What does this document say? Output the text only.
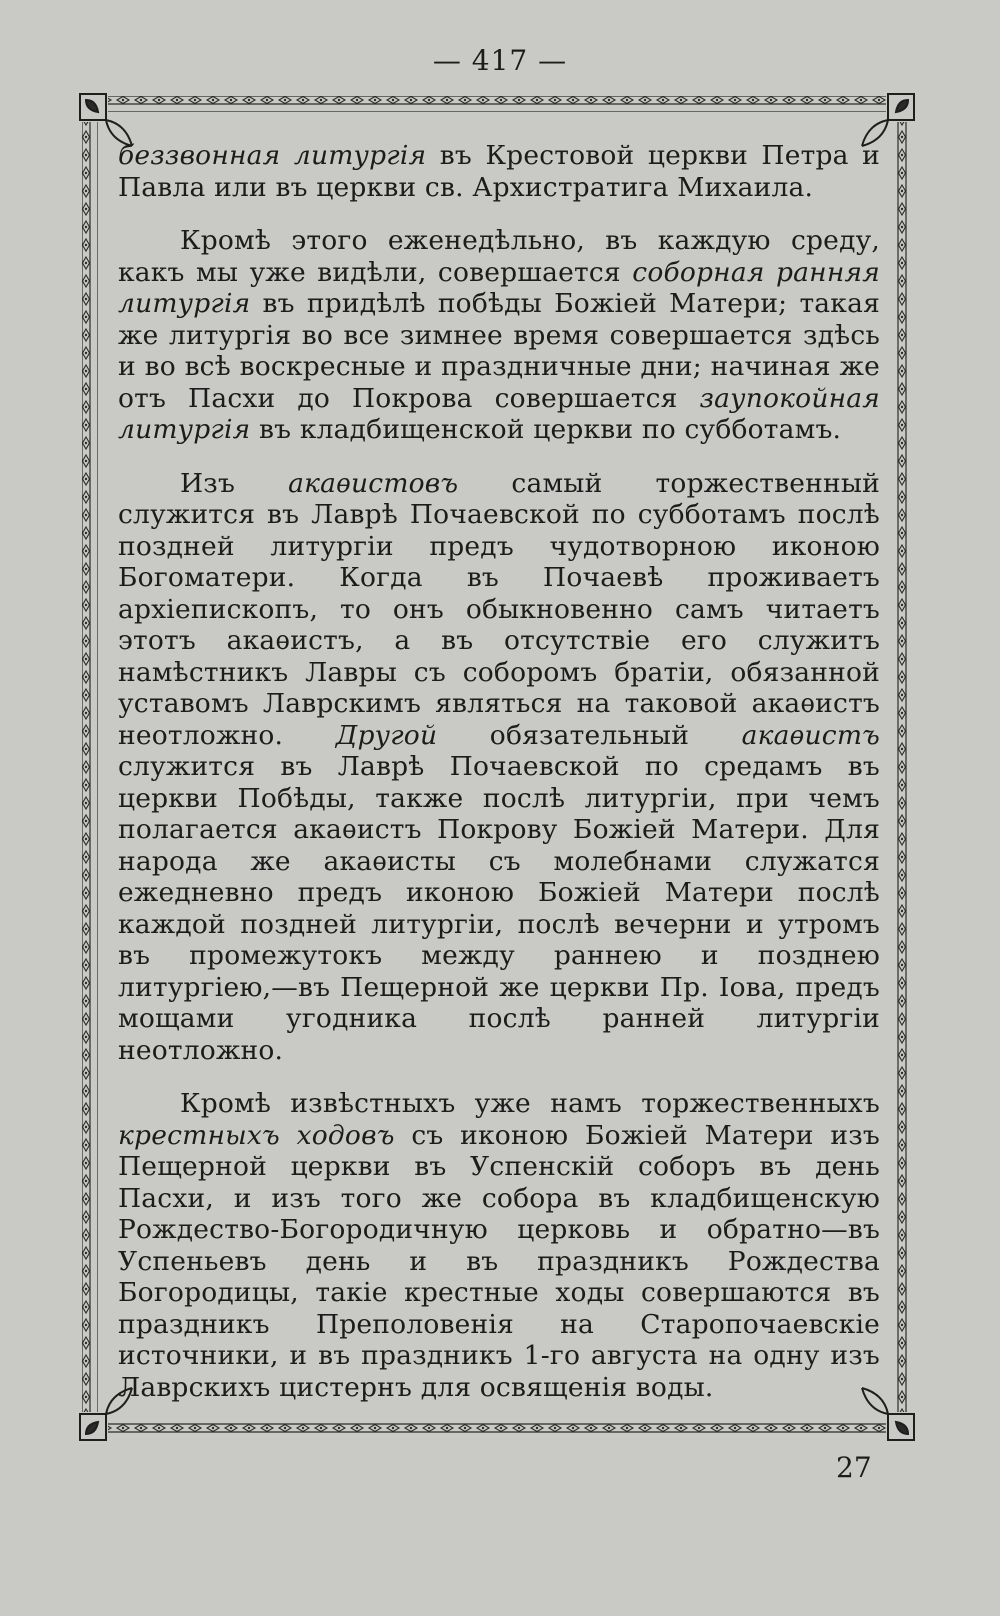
— 417 —

беззвонная литургія въ Крестовой церкви Петра и Павла или въ церкви св. Архистратига Михаила.

Кромѣ этого еженедѣльно, въ каждую среду, какъ мы уже видѣли, совершается соборная ранняя литургія въ придѣлѣ побѣды Божіей Матери; такая же литургія во все зимнее время совершается здѣсь и во всѣ воскресные и праздничные дни; начиная же отъ Пасхи до Покрова совершается заупокойная литургія въ кладбищенской церкви по субботамъ.

Изъ акаѳистовъ самый торжественный служится въ Лаврѣ Почаевской по субботамъ послѣ поздней литургіи предъ чудотворною иконою Богоматери. Когда въ Почаевѣ проживаетъ архіепископъ, то онъ обыкновенно самъ читаетъ этотъ акаѳистъ, а въ отсутствіе его служитъ намѣстникъ Лавры съ соборомъ братіи, обязанной уставомъ Лаврскимъ являться на таковой акаѳистъ неотложно. Другой обязательный акаѳистъ служится въ Лаврѣ Почаевской по средамъ въ церкви Побѣды, также послѣ литургіи, при чемъ полагается акаѳистъ Покрову Божіей Матери. Для народа же акаѳисты съ молебнами служатся ежедневно предъ иконою Божіей Матери послѣ каждой поздней литургіи, послѣ вечерни и утромъ въ промежутокъ между раннею и позднею литургіею,—въ Пещерной же церкви Пр. Іова, предъ мощами угодника послѣ ранней литургіи неотложно.

Кромѣ извѣстныхъ уже намъ торжественныхъ крестныхъ ходовъ съ иконою Божіей Матери изъ Пещерной церкви въ Успенскій соборъ въ день Пасхи, и изъ того же собора въ кладбищенскую Рождество-Богородичную церковь и обратно—въ Успеньевъ день и въ праздникъ Рождества Богородицы, такіе крестные ходы совершаются въ праздникъ Преполовенія на Старопочаевскіе источники, и въ праздникъ 1-го августа на одну изъ Лаврскихъ цистернъ для освященія воды.

27
